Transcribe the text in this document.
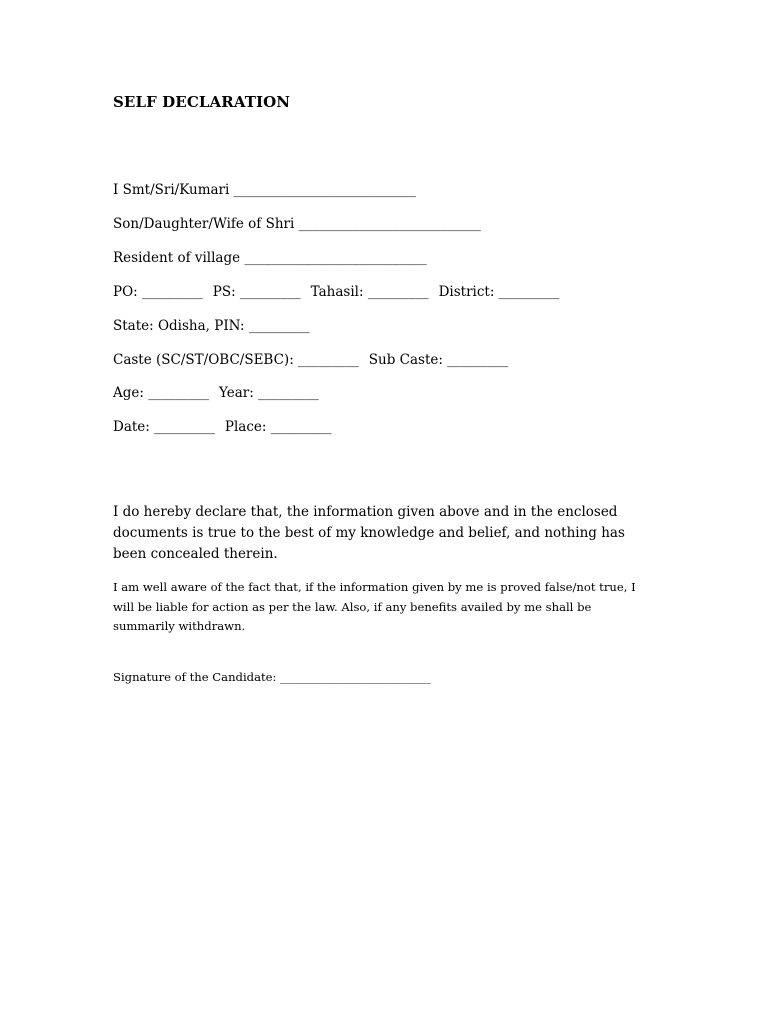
SELF DECLARATION
I Smt/Sri/Kumari ___________________________
Son/Daughter/Wife of Shri ___________________________
Resident of village ___________________________
PO: _________ PS: _________ Tahasil: _________ District: _________
State: Odisha, PIN: _________
Caste (SC/ST/OBC/SEBC): _________ Sub Caste: _________
Age: _________ Year: _________
Date: _________ Place: _________
I do hereby declare that, the information given above and in the enclosed documents is true to the best of my knowledge and belief, and nothing has been concealed therein.
I am well aware of the fact that, if the information given by me is proved false/not true, I will be liable for action as per the law. Also, if any benefits availed by me shall be summarily withdrawn.
Signature of the Candidate: __________________________
